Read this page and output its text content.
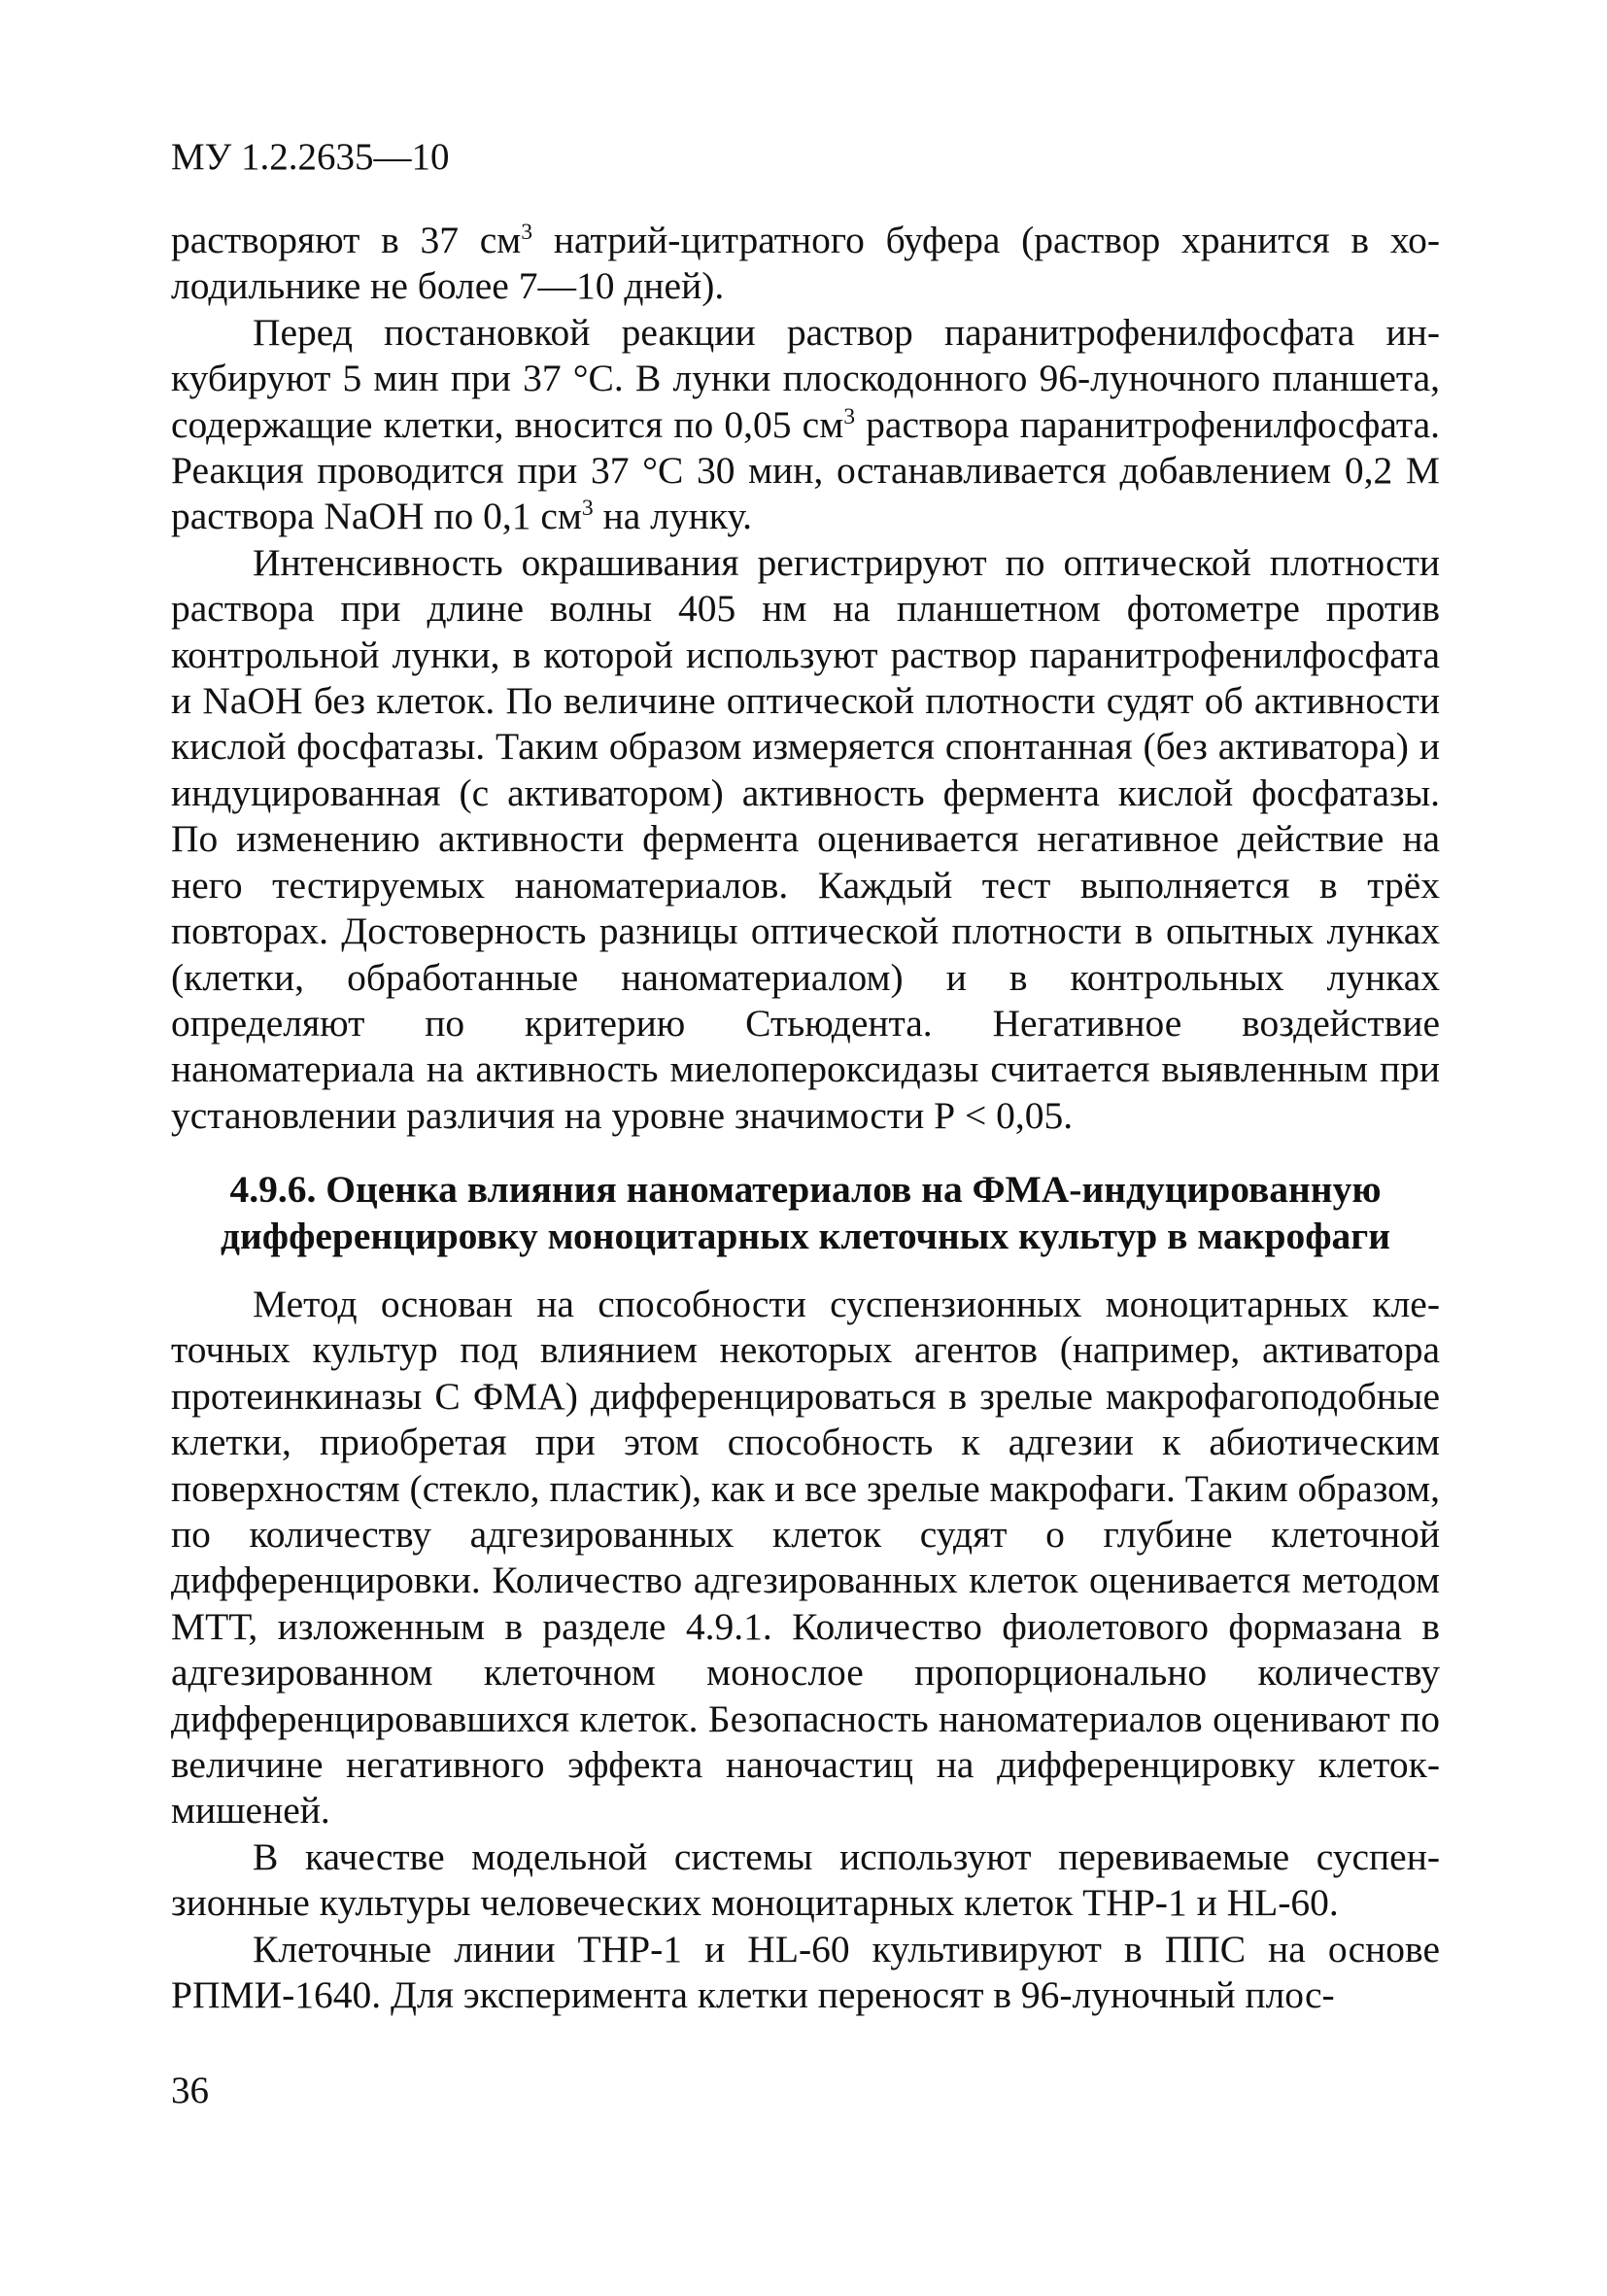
МУ 1.2.2635—10

растворяют в 37 $см^3$ натрий-цитратного буфера (раствор хранится в холодильнике не более 7—10 дней).

Перед постановкой реакции раствор паранитрофенилфосфата инкубируют 5 мин при 37 °С. В лунки плоскодонного 96-луночного планшета, содержащие клетки, вносится по 0,05 $см^3$ раствора паранитрофенилфосфата. Реакция проводится при 37 °С 30 мин, останавливается добавлением 0,2 М раствора NaOH по 0,1 $см^3$ на лунку.

Интенсивность окрашивания регистрируют по оптической плотности раствора при длине волны 405 нм на планшетном фотометре против контрольной лунки, в которой используют раствор паранитрофенилфосфата и NaOH без клеток. По величине оптической плотности судят об активности кислой фосфатазы. Таким образом измеряется спонтанная (без активатора) и индуцированная (с активатором) активность фермента кислой фосфатазы. По изменению активности фермента оценивается негативное действие на него тестируемых наноматериалов. Каждый тест выполняется в трёх повторах. Достоверность разницы оптической плотности в опытных лунках (клетки, обработанные наноматериалом) и в контрольных лунках определяют по критерию Стьюдента. Негативное воздействие наноматериала на активность миелопероксидазы считается выявленным при установлении различия на уровне значимости Р < 0,05.

4.9.6. Оценка влияния наноматериалов на ФМА-индуцированную
дифференцировку моноцитарных клеточных культур в макрофаги

Метод основан на способности суспензионных моноцитарных клеточных культур под влиянием некоторых агентов (например, активатора протеинкиназы С ФМА) дифференцироваться в зрелые макрофагоподобные клетки, приобретая при этом способность к адгезии к абиотическим поверхностям (стекло, пластик), как и все зрелые макрофаги. Таким образом, по количеству адгезированных клеток судят о глубине клеточной дифференцировки. Количество адгезированных клеток оценивается методом МТТ, изложенным в разделе 4.9.1. Количество фиолетового формазана в адгезированном клеточном монослое пропорционально количеству дифференцировавшихся клеток. Безопасность наноматериалов оценивают по величине негативного эффекта наночастиц на дифференцировку клеток-мишеней.

В качестве модельной системы используют перевиваемые суспензионные культуры человеческих моноцитарных клеток THP-1 и HL-60.

Клеточные линии THP-1 и HL-60 культивируют в ППС на основе РПМИ-1640. Для эксперимента клетки переносят в 96-луночный плос-

36
